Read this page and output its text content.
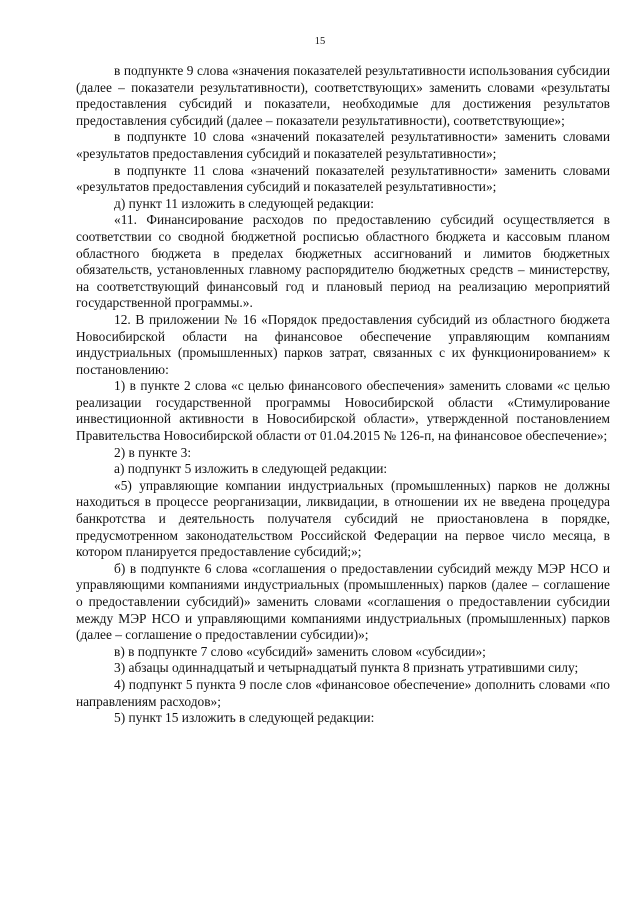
15

в подпункте 9 слова «значения показателей результативности использования субсидии (далее – показатели результативности), соответствующих» заменить словами «результаты предоставления субсидий и показатели, необходимые для достижения результатов предоставления субсидий (далее – показатели результативности), соответствующие»;

в подпункте 10 слова «значений показателей результативности» заменить словами «результатов предоставления субсидий и показателей результативности»;

в подпункте 11 слова «значений показателей результативности» заменить словами «результатов предоставления субсидий и показателей результативности»;

д) пункт 11 изложить в следующей редакции:

«11. Финансирование расходов по предоставлению субсидий осуществляется в соответствии со сводной бюджетной росписью областного бюджета и кассовым планом областного бюджета в пределах бюджетных ассигнований и лимитов бюджетных обязательств, установленных главному распорядителю бюджетных средств – министерству, на соответствующий финансовый год и плановый период на реализацию мероприятий государственной программы.».

12. В приложении № 16 «Порядок предоставления субсидий из областного бюджета Новосибирской области на финансовое обеспечение управляющим компаниям индустриальных (промышленных) парков затрат, связанных с их функционированием» к постановлению:

1) в пункте 2 слова «с целью финансового обеспечения» заменить словами «с целью реализации государственной программы Новосибирской области «Стимулирование инвестиционной активности в Новосибирской области», утвержденной постановлением Правительства Новосибирской области от 01.04.2015 № 126-п, на финансовое обеспечение»;

2) в пункте 3:

а) подпункт 5 изложить в следующей редакции:

«5) управляющие компании индустриальных (промышленных) парков не должны находиться в процессе реорганизации, ликвидации, в отношении их не введена процедура банкротства и деятельность получателя субсидий не приостановлена в порядке, предусмотренном законодательством Российской Федерации на первое число месяца, в котором планируется предоставление субсидий;»;

б) в подпункте 6 слова «соглашения о предоставлении субсидий между МЭР НСО и управляющими компаниями индустриальных (промышленных) парков (далее – соглашение о предоставлении субсидий)» заменить словами «соглашения о предоставлении субсидии между МЭР НСО и управляющими компаниями индустриальных (промышленных) парков (далее – соглашение о предоставлении субсидии)»;

в) в подпункте 7 слово «субсидий» заменить словом «субсидии»;

3) абзацы одиннадцатый и четырнадцатый пункта 8 признать утратившими силу;

4) подпункт 5 пункта 9 после слов «финансовое обеспечение» дополнить словами «по направлениям расходов»;

5) пункт 15 изложить в следующей редакции:
